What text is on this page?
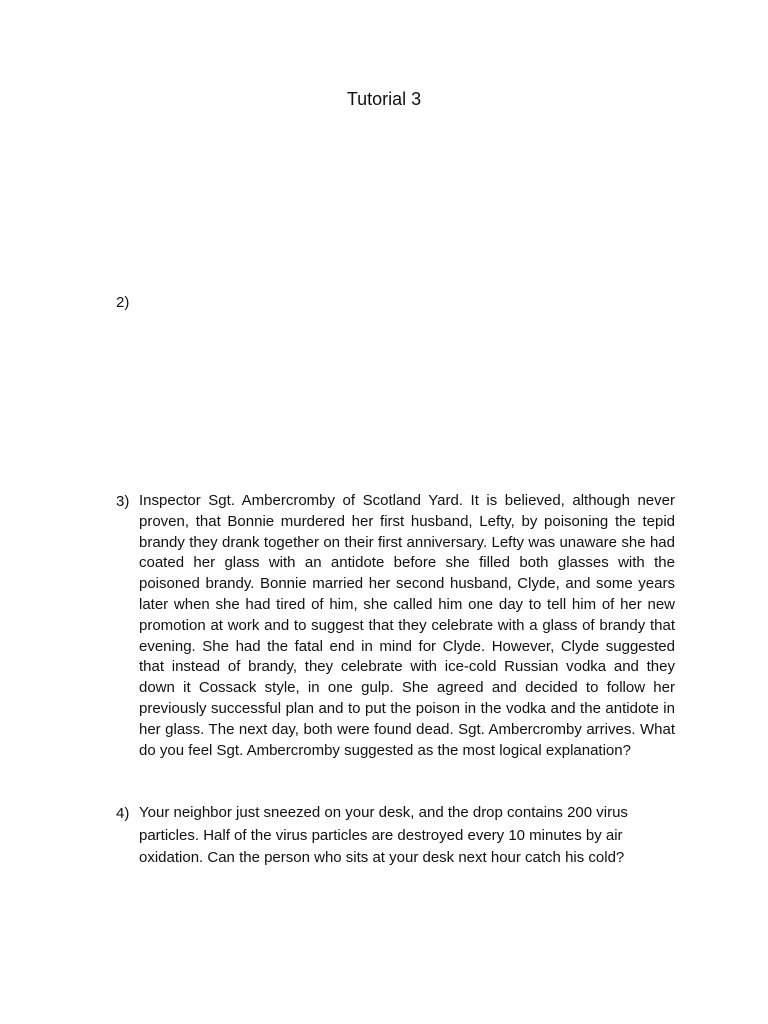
Tutorial 3
2)
3) Inspector Sgt. Ambercromby of Scotland Yard. It is believed, although never proven, that Bonnie murdered her first husband, Lefty, by poisoning the tepid brandy they drank together on their first anniversary. Lefty was unaware she had coated her glass with an antidote before she filled both glasses with the poisoned brandy. Bonnie married her second husband, Clyde, and some years later when she had tired of him, she called him one day to tell him of her new promotion at work and to suggest that they celebrate with a glass of brandy that evening. She had the fatal end in mind for Clyde. However, Clyde suggested that instead of brandy, they celebrate with ice-cold Russian vodka and they down it Cossack style, in one gulp. She agreed and decided to follow her previously successful plan and to put the poison in the vodka and the antidote in her glass. The next day, both were found dead. Sgt. Ambercromby arrives. What do you feel Sgt. Ambercromby suggested as the most logical explanation?
4) Your neighbor just sneezed on your desk, and the drop contains 200 virus particles. Half of the virus particles are destroyed every 10 minutes by air oxidation. Can the person who sits at your desk next hour catch his cold?
